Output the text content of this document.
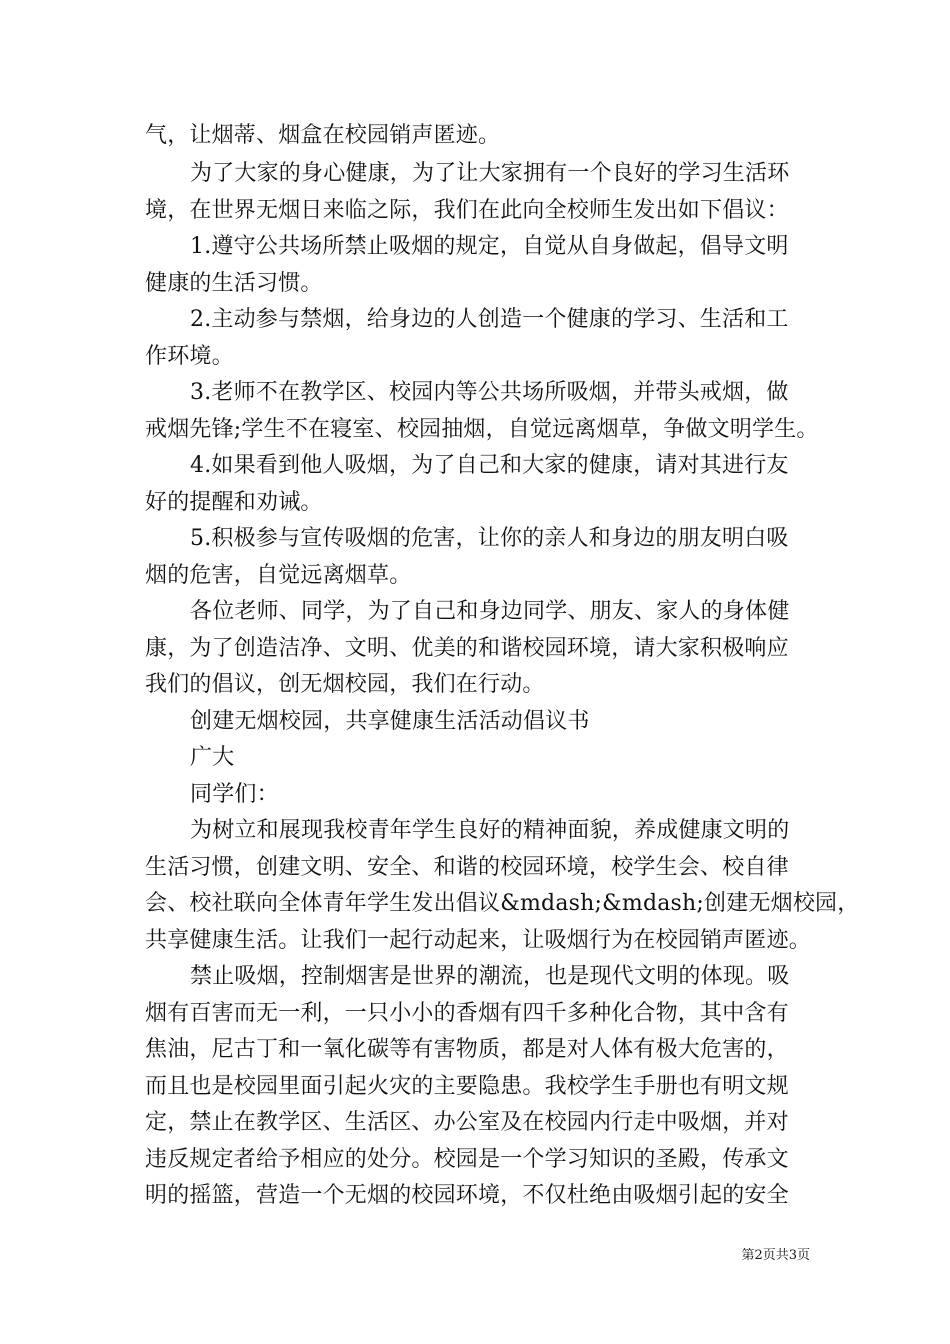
气，让烟蒂、烟盒在校园销声匿迹。
为了大家的身心健康，为了让大家拥有一个良好的学习生活环
境，在世界无烟日来临之际，我们在此向全校师生发出如下倡议：
1.遵守公共场所禁止吸烟的规定，自觉从自身做起，倡导文明
健康的生活习惯。
2.主动参与禁烟，给身边的人创造一个健康的学习、生活和工
作环境。
3.老师不在教学区、校园内等公共场所吸烟，并带头戒烟，做
戒烟先锋;学生不在寝室、校园抽烟，自觉远离烟草，争做文明学生。
4.如果看到他人吸烟，为了自己和大家的健康，请对其进行友
好的提醒和劝诫。
5.积极参与宣传吸烟的危害，让你的亲人和身边的朋友明白吸
烟的危害，自觉远离烟草。
各位老师、同学，为了自己和身边同学、朋友、家人的身体健
康，为了创造洁净、文明、优美的和谐校园环境，请大家积极响应
我们的倡议，创无烟校园，我们在行动。
创建无烟校园，共享健康生活活动倡议书
广大
同学们：
为树立和展现我校青年学生良好的精神面貌，养成健康文明的
生活习惯，创建文明、安全、和谐的校园环境，校学生会、校自律
会、校社联向全体青年学生发出倡议&mdash;&mdash;创建无烟校园，
共享健康生活。让我们一起行动起来，让吸烟行为在校园销声匿迹。
禁止吸烟，控制烟害是世界的潮流，也是现代文明的体现。吸
烟有百害而无一利，一只小小的香烟有四千多种化合物，其中含有
焦油，尼古丁和一氧化碳等有害物质，都是对人体有极大危害的，
而且也是校园里面引起火灾的主要隐患。我校学生手册也有明文规
定，禁止在教学区、生活区、办公室及在校园内行走中吸烟，并对
违反规定者给予相应的处分。校园是一个学习知识的圣殿，传承文
明的摇篮，营造一个无烟的校园环境，不仅杜绝由吸烟引起的安全
第2页共3页
